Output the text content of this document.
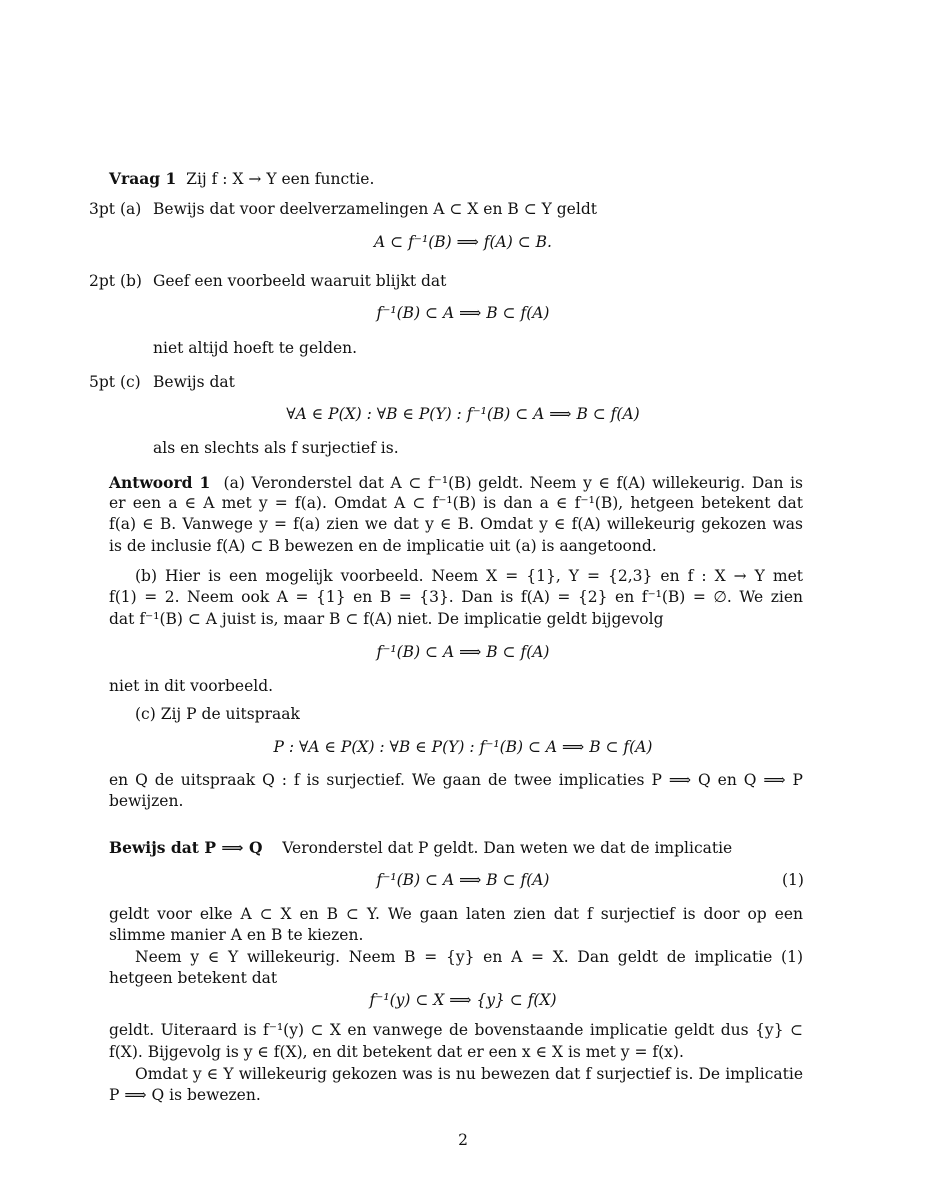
Vraag 1 Zij f : X → Y een functie.
3pt (a) Bewijs dat voor deelverzamelingen A ⊂ X en B ⊂ Y geldt
A ⊂ f⁻¹(B) ⟹ f(A) ⊂ B.
2pt (b) Geef een voorbeeld waaruit blijkt dat
f⁻¹(B) ⊂ A ⟹ B ⊂ f(A)
niet altijd hoeft te gelden.
5pt (c) Bewijs dat
∀A ∈ P(X) : ∀B ∈ P(Y) : f⁻¹(B) ⊂ A ⟹ B ⊂ f(A)
als en slechts als f surjectief is.
Antwoord 1 (a) Veronderstel dat A ⊂ f⁻¹(B) geldt. Neem y ∈ f(A) willekeurig. Dan is
er een a ∈ A met y = f(a). Omdat A ⊂ f⁻¹(B) is dan a ∈ f⁻¹(B), hetgeen betekent dat
f(a) ∈ B. Vanwege y = f(a) zien we dat y ∈ B. Omdat y ∈ f(A) willekeurig gekozen was
is de inclusie f(A) ⊂ B bewezen en de implicatie uit (a) is aangetoond.
(b) Hier is een mogelijk voorbeeld. Neem X = {1}, Y = {2,3} en f : X → Y met
f(1) = 2. Neem ook A = {1} en B = {3}. Dan is f(A) = {2} en f⁻¹(B) = ∅. We zien
dat f⁻¹(B) ⊂ A juist is, maar B ⊂ f(A) niet. De implicatie geldt bijgevolg
f⁻¹(B) ⊂ A ⟹ B ⊂ f(A)
niet in dit voorbeeld.
(c) Zij P de uitspraak
P : ∀A ∈ P(X) : ∀B ∈ P(Y) : f⁻¹(B) ⊂ A ⟹ B ⊂ f(A)
en Q de uitspraak Q : f is surjectief. We gaan de twee implicaties P ⟹ Q en Q ⟹ P
bewijzen.
Bewijs dat P ⟹ Q Veronderstel dat P geldt. Dan weten we dat de implicatie
f⁻¹(B) ⊂ A ⟹ B ⊂ f(A)	(1)
geldt voor elke A ⊂ X en B ⊂ Y. We gaan laten zien dat f surjectief is door op een
slimme manier A en B te kiezen.
Neem y ∈ Y willekeurig. Neem B = {y} en A = X. Dan geldt de implicatie (1)
hetgeen betekent dat
f⁻¹(y) ⊂ X ⟹ {y} ⊂ f(X)
geldt. Uiteraard is f⁻¹(y) ⊂ X en vanwege de bovenstaande implicatie geldt dus {y} ⊂
f(X). Bijgevolg is y ∈ f(X), en dit betekent dat er een x ∈ X is met y = f(x).
Omdat y ∈ Y willekeurig gekozen was is nu bewezen dat f surjectief is. De implicatie
P ⟹ Q is bewezen.
2
